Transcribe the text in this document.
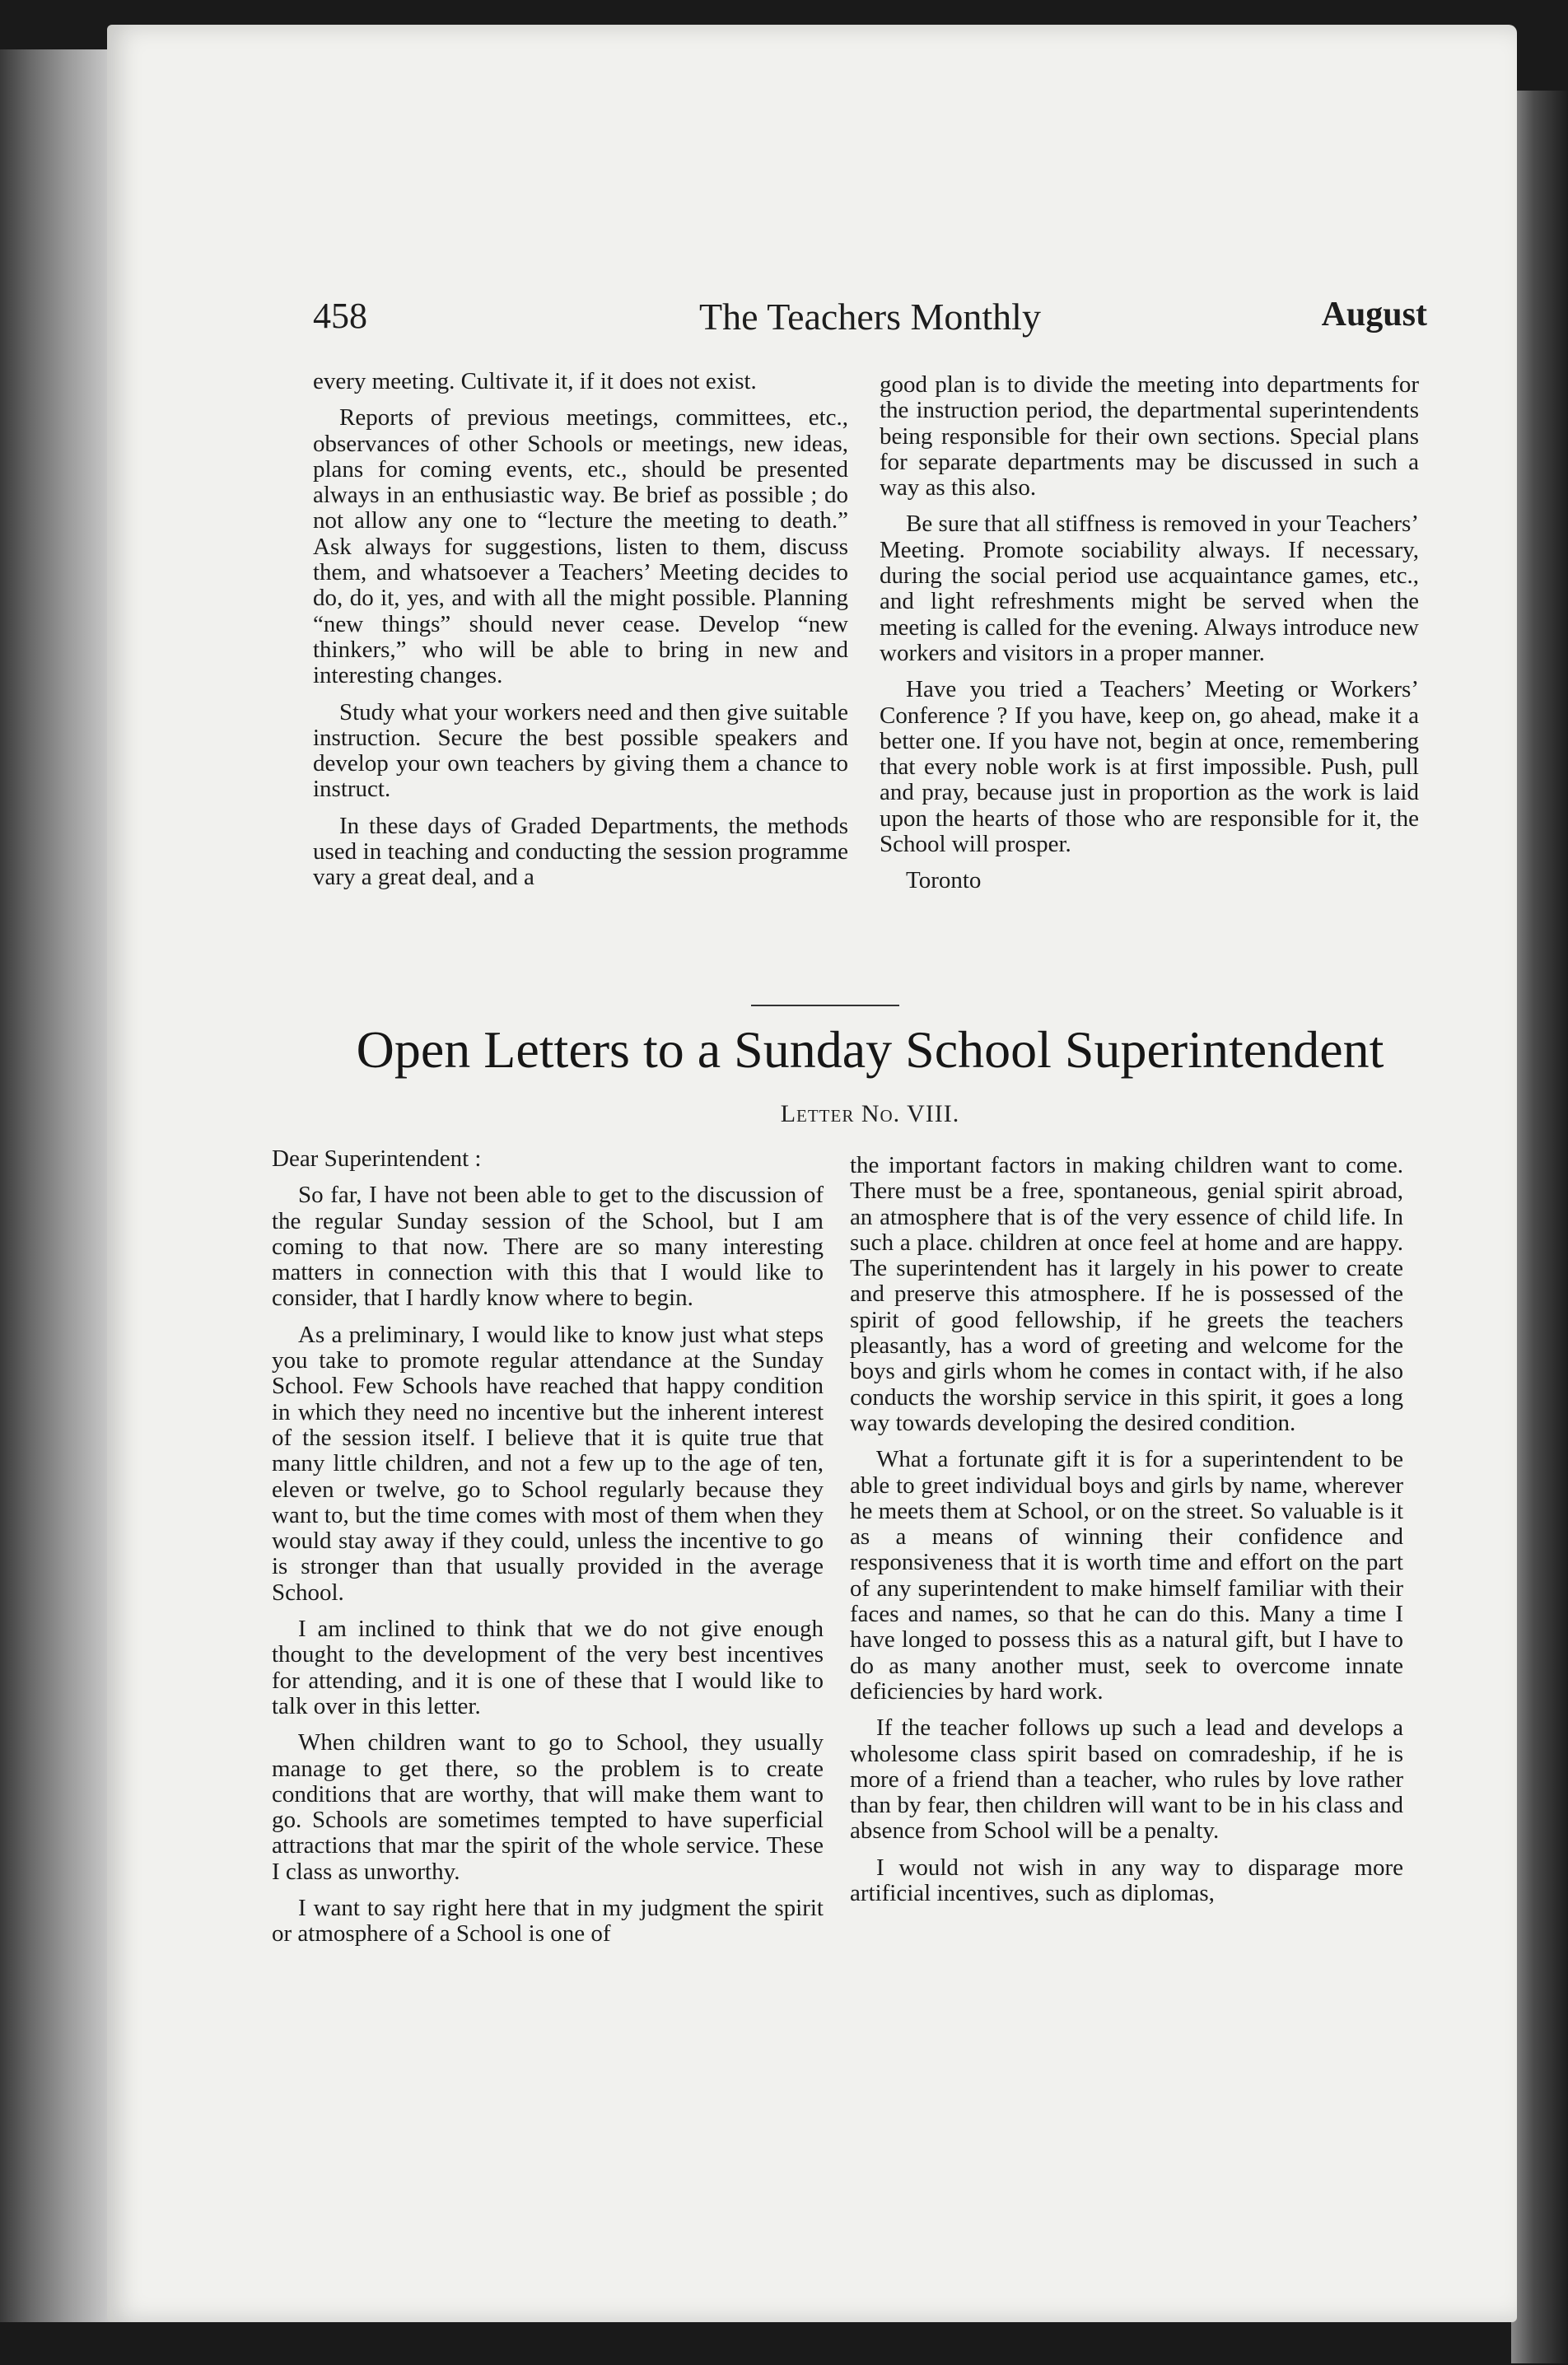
458	The Teachers Monthly	August

every meeting. Cultivate it, if it does not exist.

Reports of previous meetings, committees, etc., observances of other Schools or meetings, new ideas, plans for coming events, etc., should be presented always in an enthusiastic way. Be brief as possible ; do not allow any one to “lecture the meeting to death.” Ask always for suggestions, listen to them, discuss them, and whatsoever a Teachers’ Meeting decides to do, do it, yes, and with all the might possible. Planning “new things” should never cease. Develop “new thinkers,” who will be able to bring in new and interesting changes.

Study what your workers need and then give suitable instruction. Secure the best possible speakers and develop your own teachers by giving them a chance to instruct.

In these days of Graded Departments, the methods used in teaching and conducting the session programme vary a great deal, and a

good plan is to divide the meeting into departments for the instruction period, the departmental superintendents being responsible for their own sections. Special plans for separate departments may be discussed in such a way as this also.

Be sure that all stiffness is removed in your Teachers’ Meeting. Promote sociability always. If necessary, during the social period use acquaintance games, etc., and light refreshments might be served when the meeting is called for the evening. Always introduce new workers and visitors in a proper manner.

Have you tried a Teachers’ Meeting or Workers’ Conference ? If you have, keep on, go ahead, make it a better one. If you have not, begin at once, remembering that every noble work is at first impossible. Push, pull and pray, because just in proportion as the work is laid upon the hearts of those who are responsible for it, the School will prosper.

Toronto

Open Letters to a Sunday School Superintendent
Letter No. VIII.

Dear Superintendent :

So far, I have not been able to get to the discussion of the regular Sunday session of the School, but I am coming to that now. There are so many interesting matters in connection with this that I would like to consider, that I hardly know where to begin.

As a preliminary, I would like to know just what steps you take to promote regular attendance at the Sunday School. Few Schools have reached that happy condition in which they need no incentive but the inherent interest of the session itself. I believe that it is quite true that many little children, and not a few up to the age of ten, eleven or twelve, go to School regularly because they want to, but the time comes with most of them when they would stay away if they could, unless the incentive to go is stronger than that usually provided in the average School.

I am inclined to think that we do not give enough thought to the development of the very best incentives for attending, and it is one of these that I would like to talk over in this letter.

When children want to go to School, they usually manage to get there, so the problem is to create conditions that are worthy, that will make them want to go. Schools are sometimes tempted to have superficial attractions that mar the spirit of the whole service. These I class as unworthy.

I want to say right here that in my judgment the spirit or atmosphere of a School is one of

the important factors in making children want to come. There must be a free, spontaneous, genial spirit abroad, an atmosphere that is of the very essence of child life. In such a place. children at once feel at home and are happy. The superintendent has it largely in his power to create and preserve this atmosphere. If he is possessed of the spirit of good fellowship, if he greets the teachers pleasantly, has a word of greeting and welcome for the boys and girls whom he comes in contact with, if he also conducts the worship service in this spirit, it goes a long way towards developing the desired condition.

What a fortunate gift it is for a superintendent to be able to greet individual boys and girls by name, wherever he meets them at School, or on the street. So valuable is it as a means of winning their confidence and responsiveness that it is worth time and effort on the part of any superintendent to make himself familiar with their faces and names, so that he can do this. Many a time I have longed to possess this as a natural gift, but I have to do as many another must, seek to overcome innate deficiencies by hard work.

If the teacher follows up such a lead and develops a wholesome class spirit based on comradeship, if he is more of a friend than a teacher, who rules by love rather than by fear, then children will want to be in his class and absence from School will be a penalty.

I would not wish in any way to disparage more artificial incentives, such as diplomas,
